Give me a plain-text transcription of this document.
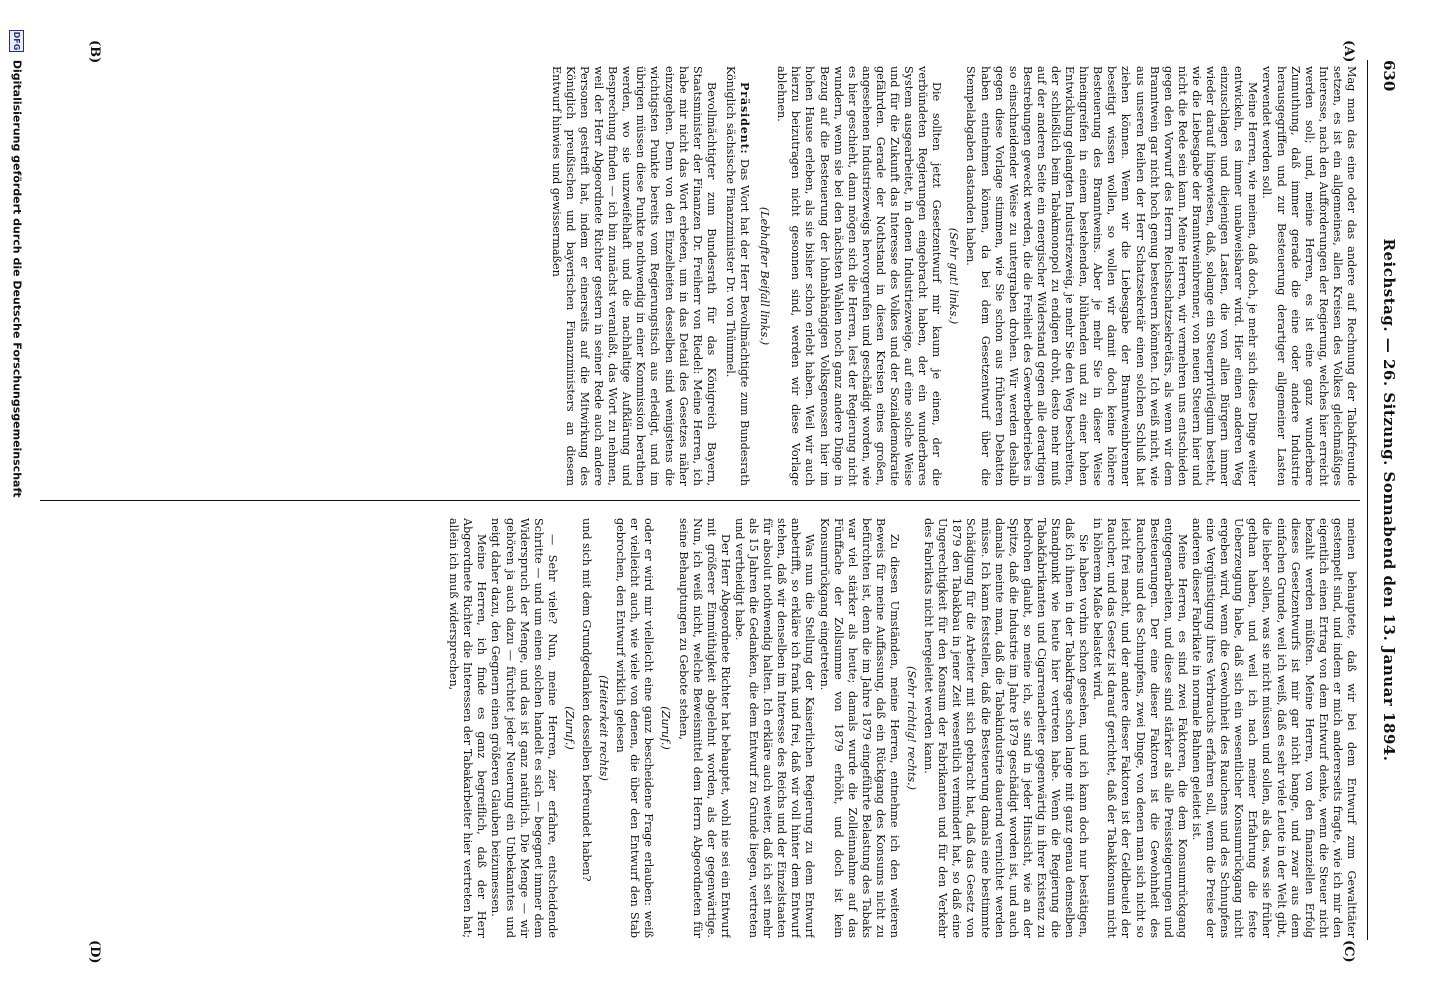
630
Reichstag. — 26. Sitzung. Sonnabend den 13. Januar 1894.
(A)
(B)
(C)
(D)

Mag man das eine oder das andere auf Rechnung der Tabakfreunde setzen, es ist ein allgemeines, allen Kreisen des Volkes gleichmäßiges Interesse, nach den Aufforderungen der Regierung, welches hier erreicht werden soll; und, meine Herren, es ist eine ganz wunderbare Zumuthung, daß immer gerade die eine oder andere Industrie herausgegriffen und zur Besteuerung derartiger allgemeiner Lasten verwendet werden soll.

Meine Herren, wie meinen, daß doch, je mehr sich diese Dinge weiter entwickeln, es immer unabweisbarer wird. Hier einen anderen Weg einzuschlagen und diejenigen Lasten, die von allen Bürgern immer wieder darauf hingewiesen, daß, solange ein Steuerprivilegium besteht, wie die Liebesgabe der Branntweinbrenner, von neuen Steuern hier und nicht die Rede sein kann. Meine Herren, wir vermehren uns entschieden gegen den Vorwurf des Herrn Reichsschatzsekretärs, als wenn wir dem Branntwein gar nicht hoch genug besteuern könnten. Ich weiß nicht, wie aus unseren Reihen der Herr Schatzsekretär einen solchen Schluß hat ziehen können. Wenn wir die Liebesgabe der Branntweinbrenner beseitigt wissen wollen, so wollen wir damit doch keine höhere Besteuerung des Branntweins. Aber je mehr Sie in dieser Weise hineingreifen in einem bestehenden, blühenden und zu einer hohen Entwicklung gelangten Industriezweig, je mehr Sie den Weg beschreiten, der schließlich beim Tabakmonopol zu endigen droht, desto mehr muß auf der anderen Seite ein energischer Widerstand gegen alle derartigen Bestrebungen geweckt werden, die die Freiheit des Gewerbebetriebes in so einschneidender Weise zu untergraben drohen. Wir werden deshalb gegen diese Vorlage stimmen, wie Sie schon aus früheren Debatten haben entnehmen können, da bei dem Gesetzentwurf über die Stempelabgaben dastanden haben.

(Sehr gut! links.)

Die sollten jetzt Gesetzentwurf mir kaum je einen, der die verbündeten Regierungen eingebracht haben, der ein wunderbares System ausgearbeitet, in denen Industriezweige, auf eine solche Weise und für die Zukunft das Interesse des Volkes und der Sozialdemokratie gefährden. Gerade der Nothstand in diesen Kreisen eines großen, angesehenen Industriezweigs hervorgerufen und geschädigt worden, wie es hier geschieht, dann mögen sich die Herren, lest der Regierung nicht wundern, wenn sie bei den nächsten Wahlen noch ganz andere Dinge in Bezug auf die Besteuerung der lohnabhängigen Volksgenossen hier im hohen Hause erleben, als sie bisher schon erlebt haben. Weil wir auch hierzu beizutragen nicht gesonnen sind, werden wir diese Vorlage ablehnen.

(Lebhafter Beifall links.)

Präsident: Das Wort hat der Herr Bevollmächtigte zum Bundesrath Königlich sächsische Finanzminister Dr. von Thümmel.

Bevollmächtigter zum Bundesrath für das Königreich Bayern, Staatsminister der Finanzen Dr. Freiherr von Riedel: Meine Herren, ich habe mir nicht das Wort erbeten, um in das Detail des Gesetzes näher einzugehen. Denn von den Einzelheiten desselben sind wenigstens die wichtigsten Punkte bereits vom Regierungstisch aus erledigt, und im übrigen müssen diese Punkte nothwendig in einer Kommission berathen werden, wo sie unzweifelhaft und die nachhaltige Aufklärung und Besprechung finden — ich bin zunächst veranlaßt, das Wort zu nehmen, weil der Herr Abgeordnete Richter gestern in seiner Rede auch andere Personen gestreift hat, indem er einerseits auf die Mitwirkung des Königlich preußischen und bayerischen Finanzministers an diesem Entwurf hinwies und gewissermaßen

meinen behauptete, daß wir bei dem Entwurf zum Gewalttäter gestempelt sind, und indem er mich andererseits fragte, wie ich mir den eigentlich einen Ertrag von dem Entwurf denke, wenn die Steuer nicht bezahlt werden müßten. Meine Herren, von den finanziellen Erfolg dieses Gesetzentwurfs ist mir gar nicht bange, und zwar aus dem einfachen Grunde, weil ich weiß, daß es sehr viele Leute in der Welt gibt, die lieber sollen, was sie nicht müssen und sollen, als das, was sie früher gethan haben, und weil ich nach meiner Erfahrung die feste Ueberzeugung habe, daß sich ein wesentlicher Konsumrückgang nicht ergeben wird, wenn die Gewohnheit des Rauchens und des Schnupfens eine Vergünstigung ihres Verbrauchs erfahren soll, wenn die Preise der anderen dieser Fabrikate in normale Bahnen geleitet ist.

Meine Herren, es sind zwei Faktoren, die dem Konsumrückgang entgegenarbeiten, und diese sind stärker als alle Preissteigerungen und Besteuerungen. Der eine dieser Faktoren ist die Gewohnheit des Rauchens und des Schnupfens, zwei Dinge, von denen man sich nicht so leicht frei macht, und der andere dieser Faktoren ist der Geldbeutel der Raucher, und das Gesetz ist darauf gerichtet, daß der Tabakkonsum nicht in höherem Maße belastet wird.

Sie haben vorhin schon gesehen, und ich kann doch nur bestätigen, daß ich ihnen in der Tabakfrage schon lange mit ganz genau demselben Standpunkt wie heute hier vertreten habe. Wenn die Regierung die Tabakfabrikanten und Cigarrenarbeiter gegenwärtig in ihrer Existenz zu bedrohen glaubt, so meine ich, sie sind in jeder Hinsicht, wie an der Spitze, daß die Industrie im Jahre 1879 geschädigt worden ist, und auch damals meinte man, daß die Tabakindustrie dauernd vernichtet werden müsse. Ich kann feststellen, daß die Besteuerung damals eine bestimmte Schädigung für die Arbeiter mit sich gebracht hat, daß das Gesetz von 1879 den Tabakbau in jener Zeit wesentlich vermindert hat, so daß eine Ungerechtigkeit für den Konsum der Fabrikanten und für den Verkehr des Fabrikats nicht hergeleitet werden kann.

(Sehr richtig! rechts.)

Zu diesen Umständen, meine Herren, entnehme ich den weiteren Beweis für meine Auffassung, daß ein Rückgang des Konsums nicht zu befürchten ist, denn die im Jahre 1879 eingeführte Belastung des Tabaks war viel stärker als heute; damals wurde die Zolleinnahme auf das Fünffache der Zollsumme von 1879 erhöht, und doch ist kein Konsumrückgang eingetreten.

Was nun die Stellung der Kaiserlichen Regierung zu dem Entwurf anbetrifft, so erkläre ich frank und frei, daß wir voll hinter dem Entwurf stehen, daß wir denselben im Interesse des Reichs und der Einzelstaaten für absolut nothwendig halten. Ich erkläre auch weiter, daß ich seit mehr als 15 Jahren die Gedanken, die dem Entwurf zu Grunde liegen, vertreten und vertheidigt habe.

Der Herr Abgeordnete Richter hat behauptet, wohl nie sei ein Entwurf mit größerer Einmüthigkeit abgelehnt worden, als der gegenwärtige. Nun, ich weiß nicht, welche Beweismittel dem Herrn Abgeordneten für seine Behauptungen zu Gebote stehen,

(Zuruf.)

oder er wird mir vielleicht eine ganz bescheidene Frage erlauben: weiß er vielleicht auch, wie viele von denen, die über den Entwurf den Stab gebrochen, den Entwurf wirklich gelesen

(Heiterkeit rechts)

und sich mit dem Grundgedanken desselben befreundet haben?

(Zuruf.)

— Sehr viele? Nun, meine Herren, zier erfahre, entscheidende Schritte — und um einen solchen handelt es sich — begegnet immer dem Widerspruch der Menge, und das ist ganz natürlich. Die Menge — wir gehören ja auch dazu — fürchtet jeder Neuerung ein Unbekanntes und neigt daher dazu, den Gegnern einen größeren Glauben beizumessen.

Meine Herren, ich finde es ganz begreiflich, daß der Herr Abgeordnete Richter die Interessen der Tabakarbeiter hier vertreten hat; allein ich muß widersprechen,

DFG Digitalisierung gefördert durch die Deutsche Forschungsgemeinschaft
